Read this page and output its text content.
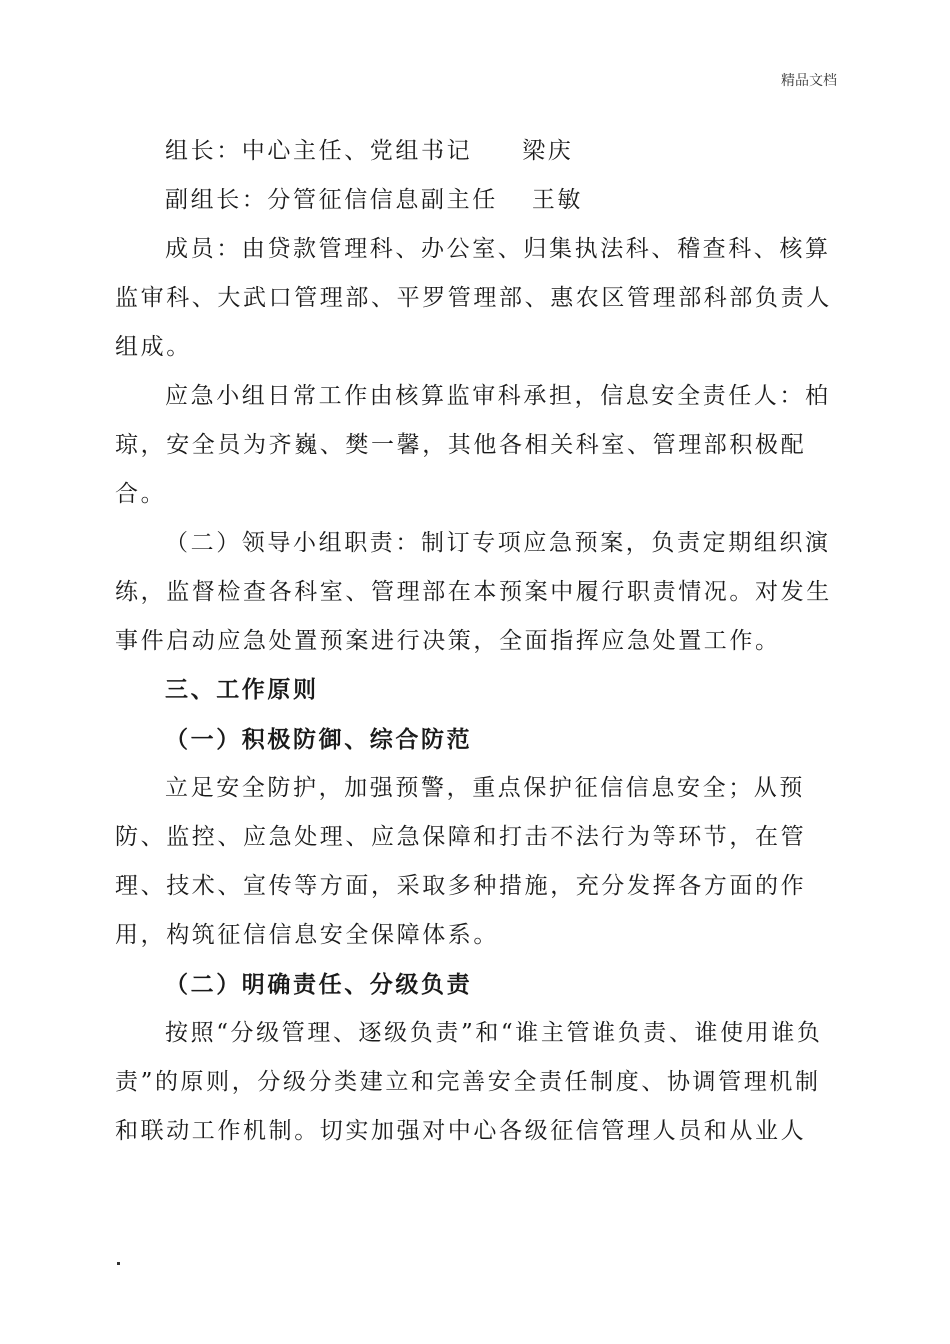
精品文档

组长：中心主任、党组书记 梁庆

副组长：分管征信信息副主任 王敏

成员：由贷款管理科、办公室、归集执法科、稽查科、核算监审科、大武口管理部、平罗管理部、惠农区管理部科部负责人组成。

应急小组日常工作由核算监审科承担，信息安全责任人：柏琼，安全员为齐巍、樊一馨，其他各相关科室、管理部积极配合。

（二）领导小组职责：制订专项应急预案，负责定期组织演练，监督检查各科室、管理部在本预案中履行职责情况。对发生事件启动应急处置预案进行决策，全面指挥应急处置工作。

三、工作原则

（一）积极防御、综合防范

立足安全防护，加强预警，重点保护征信信息安全；从预防、监控、应急处理、应急保障和打击不法行为等环节，在管理、技术、宣传等方面，采取多种措施，充分发挥各方面的作用，构筑征信信息安全保障体系。

（二）明确责任、分级负责

按照“分级管理、逐级负责”和“谁主管谁负责、谁使用谁负责”的原则，分级分类建立和完善安全责任制度、协调管理机制和联动工作机制。切实加强对中心各级征信管理人员和从业人
